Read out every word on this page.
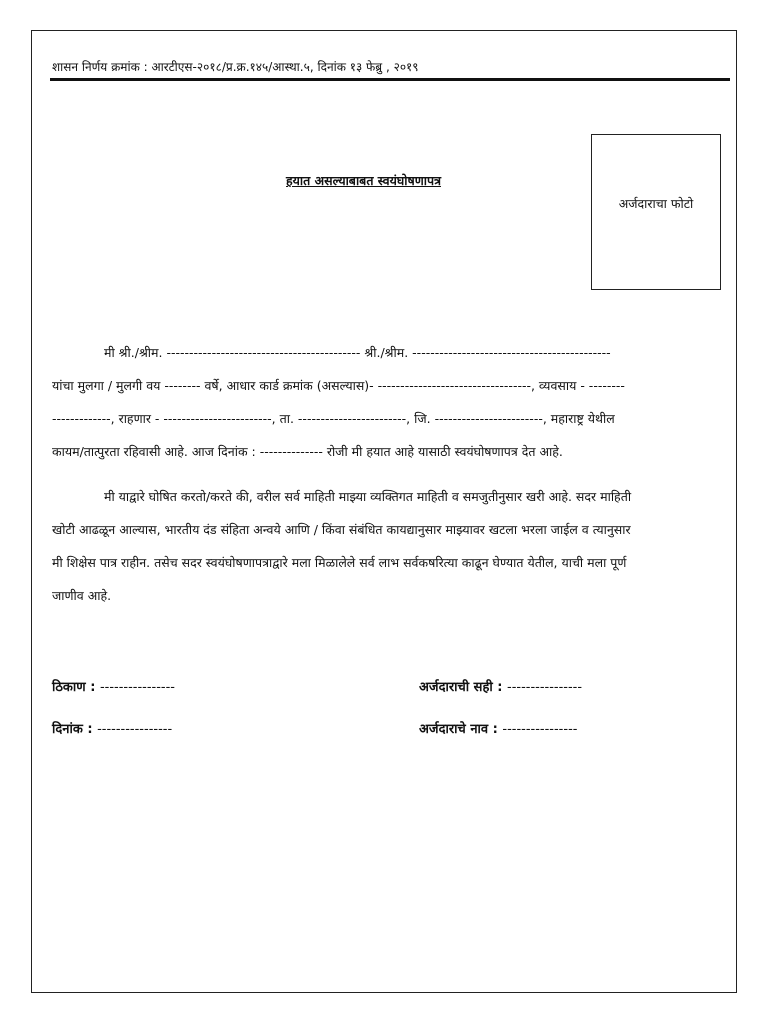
शासन निर्णय क्रमांक : आरटीएस-२०१८/प्र.क्र.१४५/आस्था.५, दिनांक १३ फेब्रु , २०१९
हयात असल्याबाबत स्वयंघोषणापत्र
अर्जदाराचा फोटो
मी श्री./श्रीम. ------------------------------------------- श्री./श्रीम. --------------------------------------------
यांचा मुलगा / मुलगी वय -------- वर्षे, आधार कार्ड क्रमांक (असल्यास)- ----------------------------------, व्यवसाय - --------
-------------, राहणार - ------------------------, ता. ------------------------, जि. ------------------------, महाराष्ट्र येथील
कायम/तात्पुरता रहिवासी आहे. आज दिनांक : -------------- रोजी मी हयात आहे यासाठी स्वयंघोषणापत्र देत आहे.
मी याद्वारे घोषित करतो/करते की, वरील सर्व माहिती माझ्या व्यक्तिगत माहिती व समजुतीनुसार खरी आहे. सदर माहिती
खोटी आढळून आल्यास, भारतीय दंड संहिता अन्वये आणि / किंवा संबंधित कायद्यानुसार माझ्यावर खटला भरला जाईल व त्यानुसार
मी शिक्षेस पात्र राहीन. तसेच सदर स्वयंघोषणापत्राद्वारे मला मिळालेले सर्व लाभ सर्वकषरित्या काढून घेण्यात येतील, याची मला पूर्ण
जाणीव आहे.
ठिकाण : ----------------	अर्जदाराची सही : ----------------
दिनांक : ----------------	अर्जदाराचे नाव : ----------------
